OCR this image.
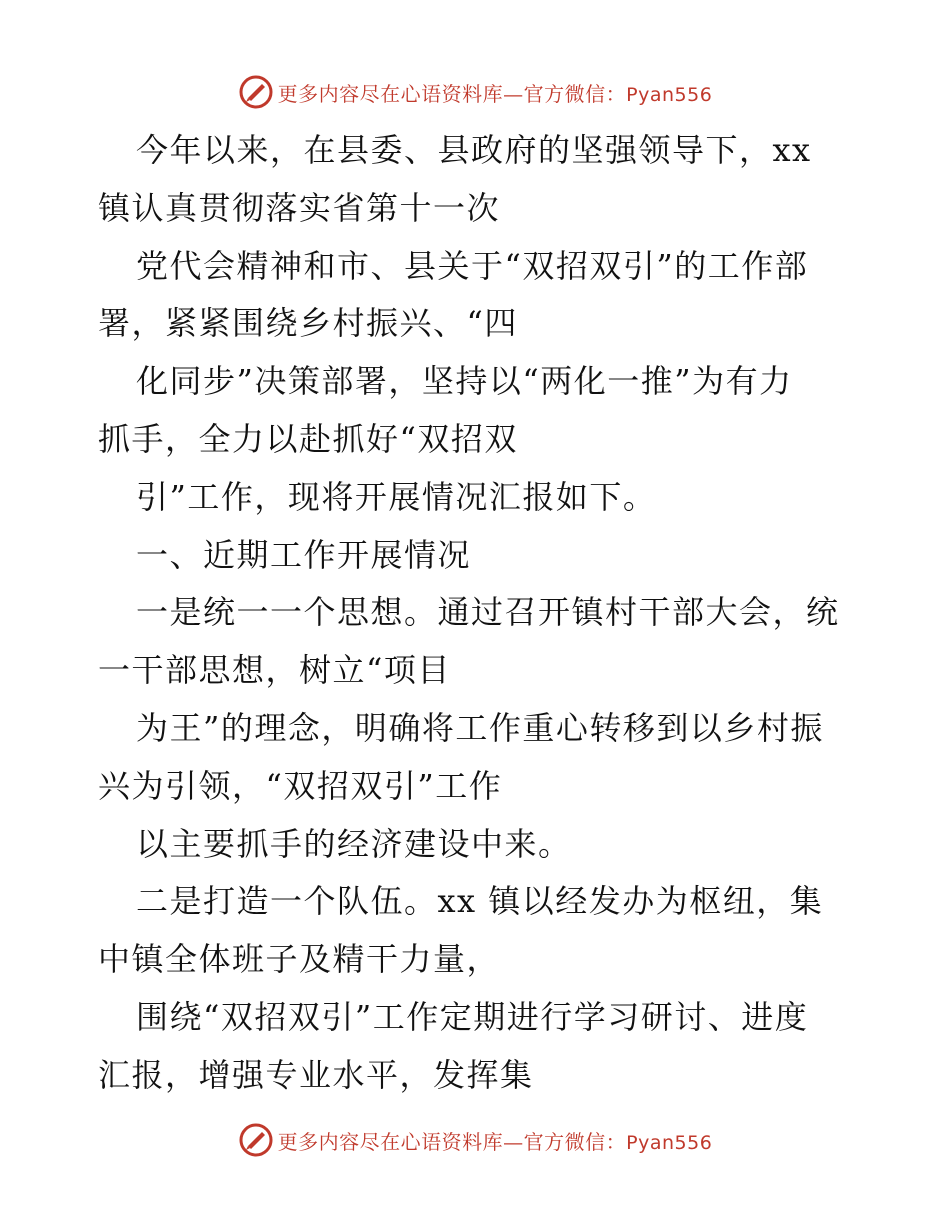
更多内容尽在心语资料库—官方微信：Pyan556
今年以来，在县委、县政府的坚强领导下，xx
镇认真贯彻落实省第十一次
党代会精神和市、县关于“双招双引”的工作部
署，紧紧围绕乡村振兴、“四
化同步”决策部署，坚持以“两化一推”为有力
抓手，全力以赴抓好“双招双
引”工作，现将开展情况汇报如下。
一、近期工作开展情况
一是统一一个思想。通过召开镇村干部大会，统
一干部思想，树立“项目
为王”的理念，明确将工作重心转移到以乡村振
兴为引领，“双招双引”工作
以主要抓手的经济建设中来。
二是打造一个队伍。xx 镇以经发办为枢纽，集
中镇全体班子及精干力量，
围绕“双招双引”工作定期进行学习研讨、进度
汇报，增强专业水平，发挥集
更多内容尽在心语资料库—官方微信：Pyan556
